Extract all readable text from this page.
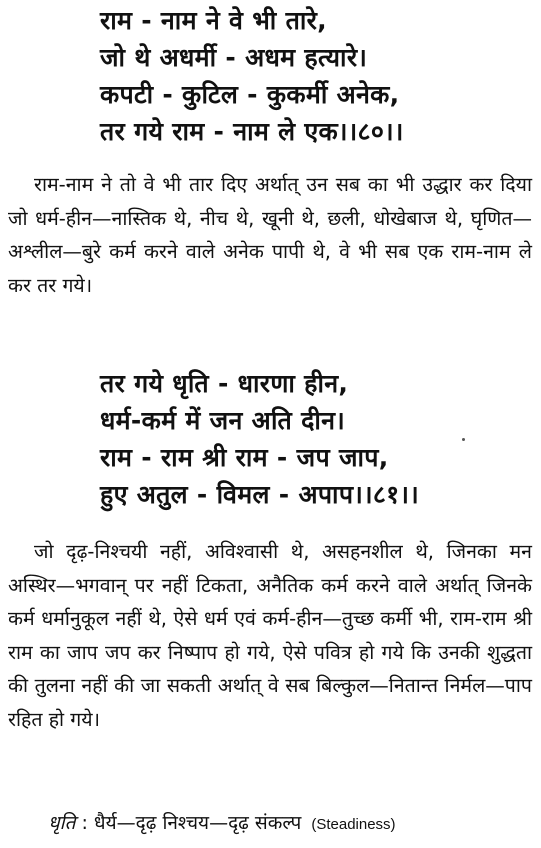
राम - नाम ने वे भी तारे,
जो थे अधर्मी - अधम हत्यारे।
कपटी - कुटिल - कुकर्मी अनेक,
तर गये राम - नाम ले एक।।८०।।

राम-नाम ने तो वे भी तार दिए अर्थात् उन सब का भी उद्धार कर दिया जो धर्म-हीन—नास्तिक थे, नीच थे, खूनी थे, छली, धोखेबाज थे, घृणित—अश्लील—बुरे कर्म करने वाले अनेक पापी थे, वे भी सब एक राम-नाम ले कर तर गये।

तर गये धृति - धारणा हीन,
धर्म-कर्म में जन अति दीन।
राम - राम श्री राम - जप जाप,
हुए अतुल - विमल - अपाप।।८१।।

जो दृढ़-निश्चयी नहीं, अविश्वासी थे, असहनशील थे, जिनका मन अस्थिर—भगवान् पर नहीं टिकता, अनैतिक कर्म करने वाले अर्थात् जिनके कर्म धर्मानुकूल नहीं थे, ऐसे धर्म एवं कर्म-हीन—तुच्छ कर्मी भी, राम-राम श्री राम का जाप जप कर निष्पाप हो गये, ऐसे पवित्र हो गये कि उनकी शुद्धता की तुलना नहीं की जा सकती अर्थात् वे सब बिल्कुल—नितान्त निर्मल—पाप रहित हो गये।

धृति : धैर्य—दृढ़ निश्चय—दृढ़ संकल्प (Steadiness)
